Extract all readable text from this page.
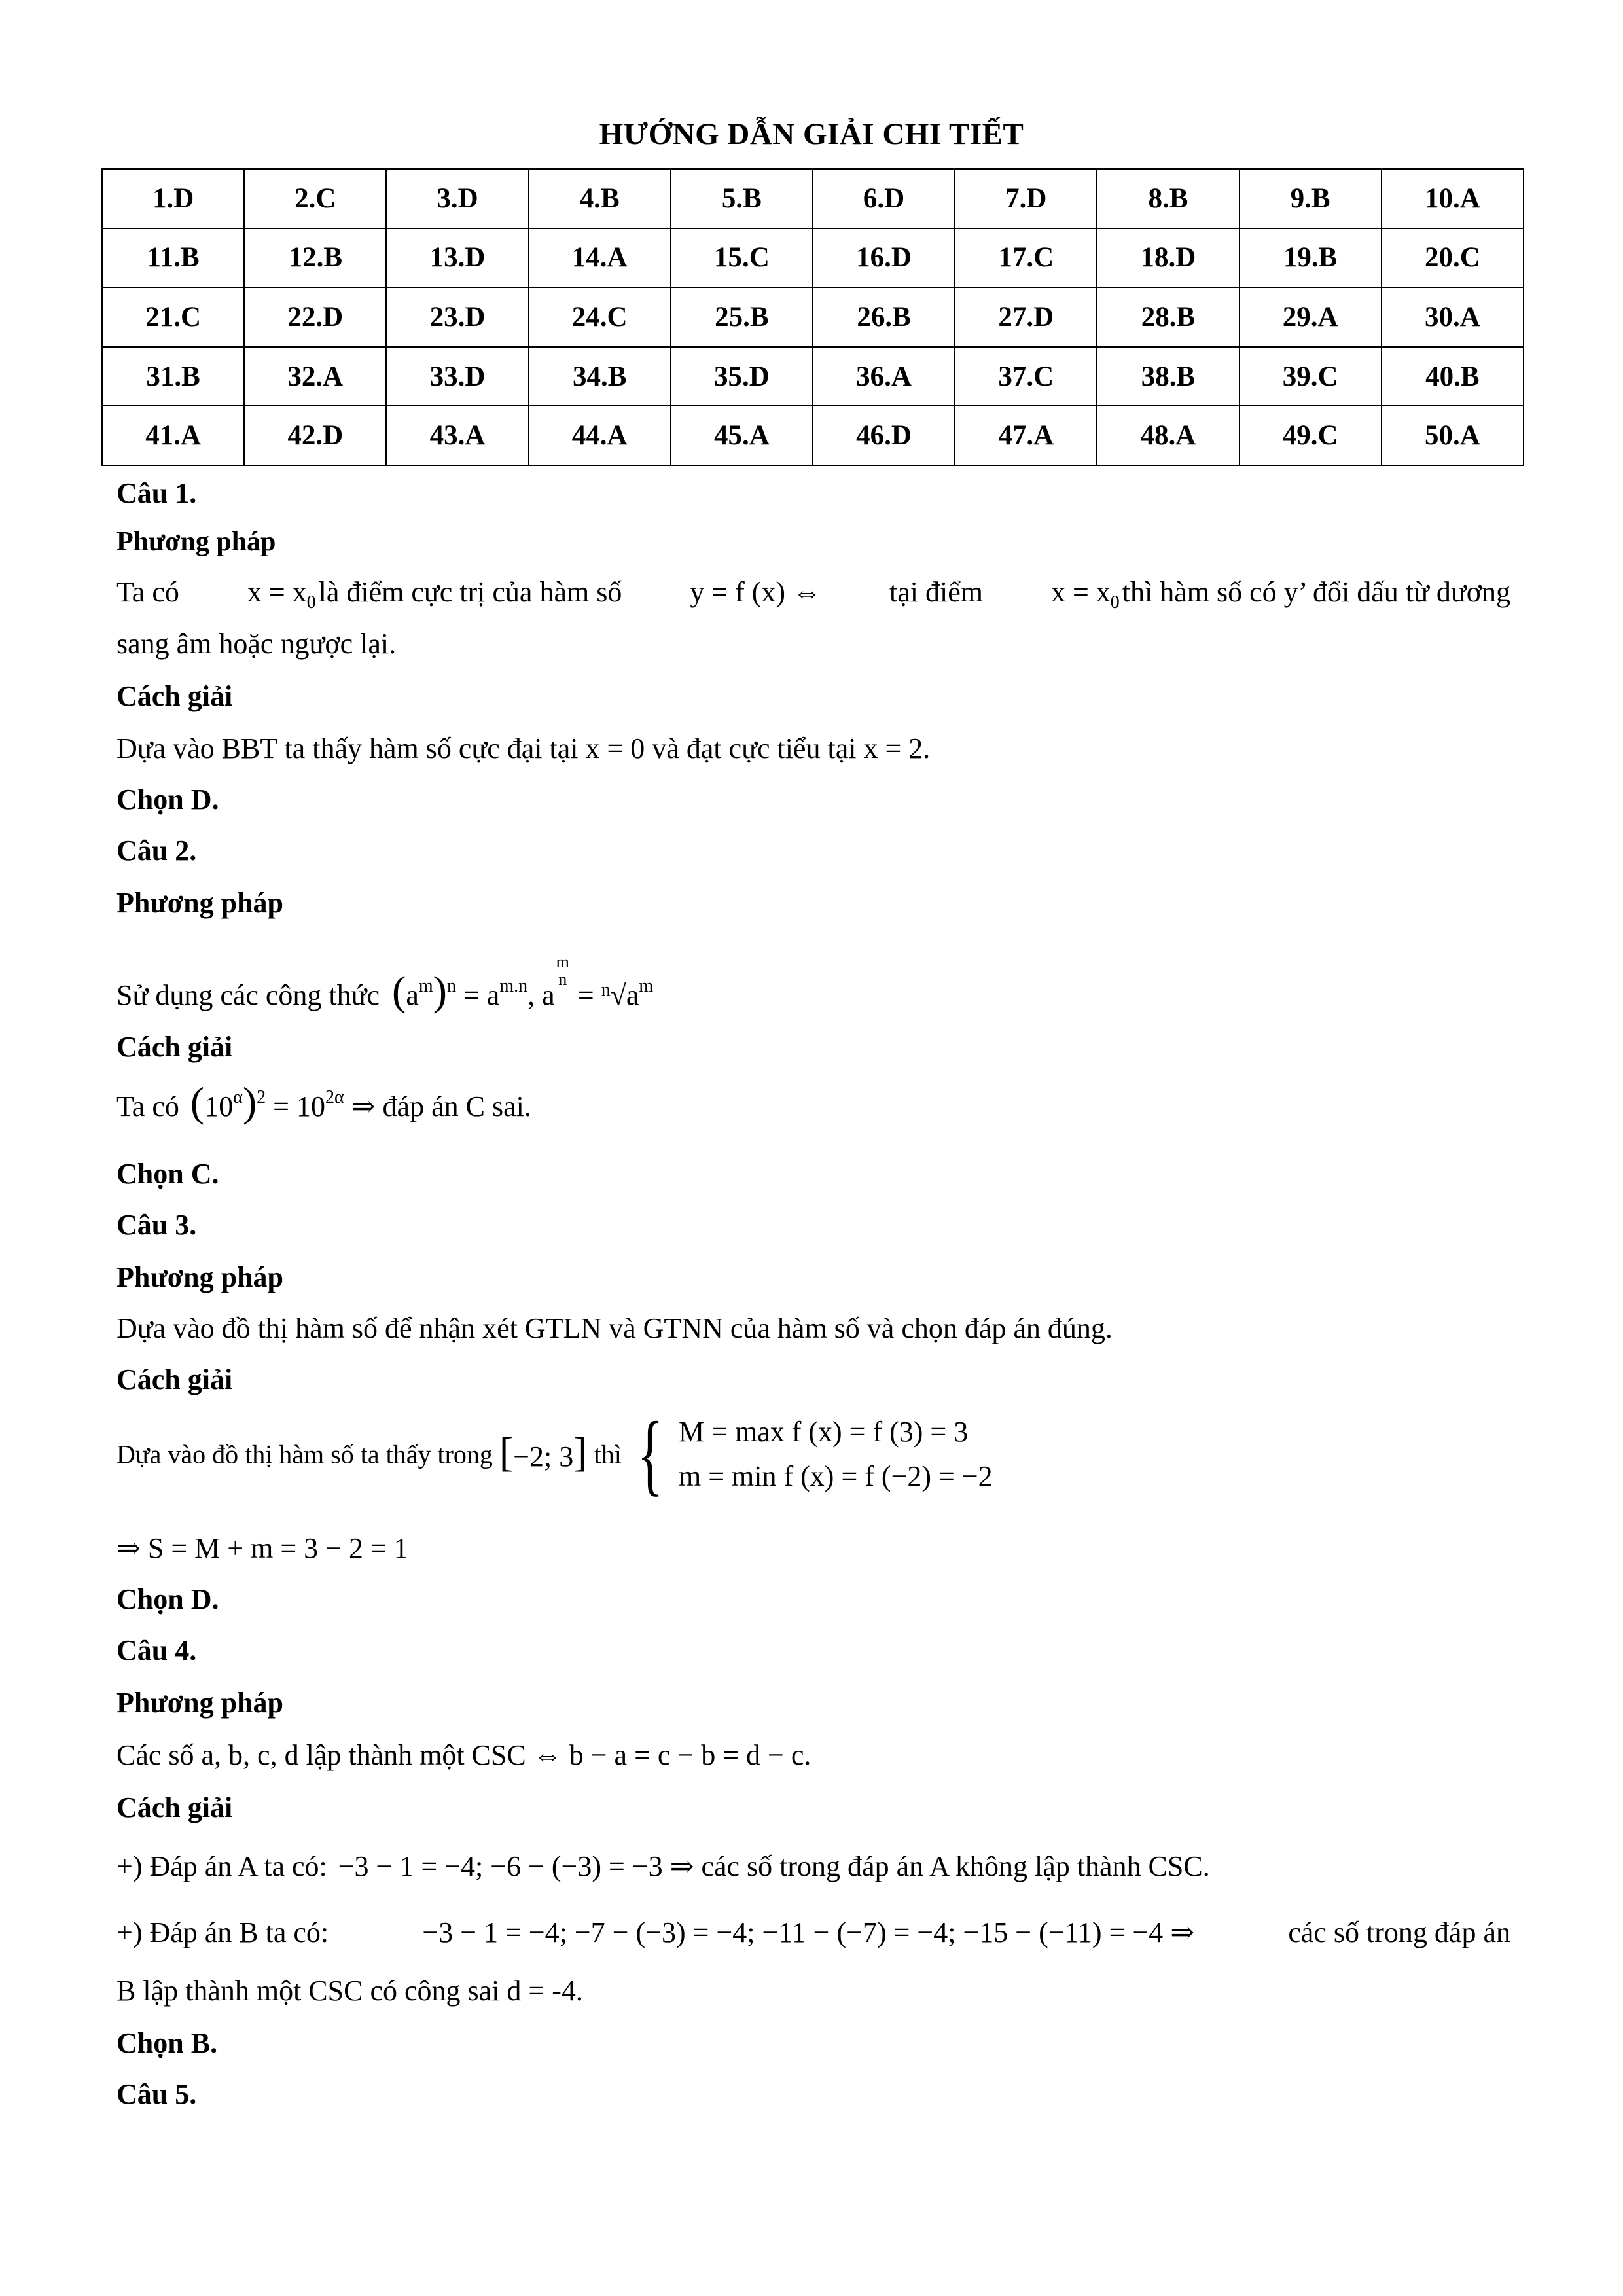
HƯỚNG DẪN GIẢI CHI TIẾT
1.D	2.C	3.D	4.B	5.B	6.D	7.D	8.B	9.B	10.A
11.B	12.B	13.D	14.A	15.C	16.D	17.C	18.D	19.B	20.C
21.C	22.D	23.D	24.C	25.B	26.B	27.D	28.B	29.A	30.A
31.B	32.A	33.D	34.B	35.D	36.A	37.C	38.B	39.C	40.B
41.A	42.D	43.A	44.A	45.A	46.D	47.A	48.A	49.C	50.A
Câu 1.
Phương pháp
Ta có $x = x_0là$ điểm cực trị của hàm số y = f (x) ⇔ tại điểm $x = x_0thì$ hàm số có y’ đổi dấu từ dương
sang âm hoặc ngược lại.
Cách giải
Dựa vào BBT ta thấy hàm số cực đại tại x = 0 và đạt cực tiểu tại x = 2.
Chọn D.
Câu 2.
Phương pháp
Sử dụng các công thức $(a^m)^n = a^{m.n}$, a
$\frac{m}{n}$
= $^n√a^m$
Cách giải
Ta có $(10^\alpha)^2 = 10^{2\alpha}$ ⇒ đáp án C sai.
Chọn C.
Câu 3.
Phương pháp
Dựa vào đồ thị hàm số để nhận xét GTLN và GTNN của hàm số và chọn đáp án đúng.
Cách giải
Dựa vào đồ thị hàm số ta thấy trong [−2; 3] thì { M = max f (x) = f (3) = 3
m = min f (x) = f (−2) = −2
⇒ S = M + m = 3 − 2 = 1
Chọn D.
Câu 4.
Phương pháp
Các số a, b, c, d lập thành một CSC ⇔ b − a = c − b = d − c.
Cách giải
+) Đáp án A ta có: −3 − 1 = −4; −6 − (−3) = −3 ⇒ các số trong đáp án A không lập thành CSC.
+) Đáp án B ta có:	−3 − 1 = −4; −7 − (−3) = −4; −11 − (−7) = −4; −15 − (−11) = −4 ⇒	các số trong đáp án
B lập thành một CSC có công sai d = -4.
Chọn B.
Câu 5.
